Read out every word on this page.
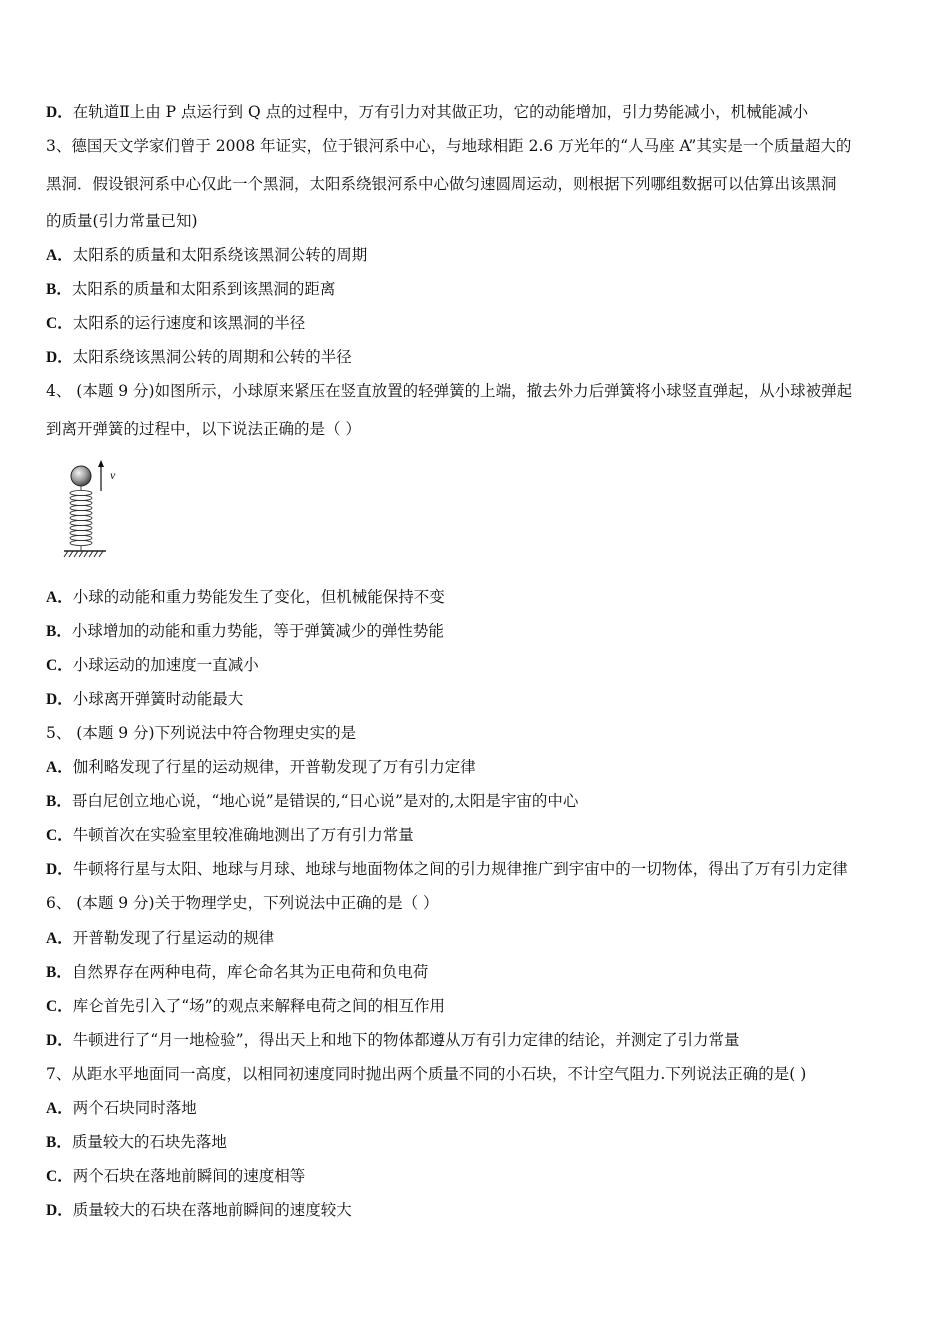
D．在轨道Ⅱ上由 P 点运行到 Q 点的过程中，万有引力对其做正功，它的动能增加，引力势能减小，机械能减小
3、德国天文学家们曾于 2008 年证实，位于银河系中心，与地球相距 2.6 万光年的“人马座 A”其实是一个质量超大的
黑洞．假设银河系中心仅此一个黑洞，太阳系绕银河系中心做匀速圆周运动，则根据下列哪组数据可以估算出该黑洞
的质量(引力常量已知)
A．太阳系的质量和太阳系绕该黑洞公转的周期
B．太阳系的质量和太阳系到该黑洞的距离
C．太阳系的运行速度和该黑洞的半径
D．太阳系绕该黑洞公转的周期和公转的半径
4、 (本题 9 分)如图所示，小球原来紧压在竖直放置的轻弹簧的上端，撤去外力后弹簧将小球竖直弹起，从小球被弹起
到离开弹簧的过程中，以下说法正确的是（ ）
v
A．小球的动能和重力势能发生了变化，但机械能保持不变
B．小球增加的动能和重力势能，等于弹簧减少的弹性势能
C．小球运动的加速度一直减小
D．小球离开弹簧时动能最大
5、 (本题 9 分)下列说法中符合物理史实的是
A．伽利略发现了行星的运动规律，开普勒发现了万有引力定律
B．哥白尼创立地心说，“地心说”是错误的,“日心说”是对的,太阳是宇宙的中心
C．牛顿首次在实验室里较准确地测出了万有引力常量
D．牛顿将行星与太阳、地球与月球、地球与地面物体之间的引力规律推广到宇宙中的一切物体，得出了万有引力定律
6、 (本题 9 分)关于物理学史，下列说法中正确的是（ ）
A．开普勒发现了行星运动的规律
B．自然界存在两种电荷，库仑命名其为正电荷和负电荷
C．库仑首先引入了“场”的观点来解释电荷之间的相互作用
D．牛顿进行了“月一地检验”，得出天上和地下的物体都遵从万有引力定律的结论，并测定了引力常量
7、从距水平地面同一高度，以相同初速度同时抛出两个质量不同的小石块，不计空气阻力.下列说法正确的是( )
A．两个石块同时落地
B．质量较大的石块先落地
C．两个石块在落地前瞬间的速度相等
D．质量较大的石块在落地前瞬间的速度较大
